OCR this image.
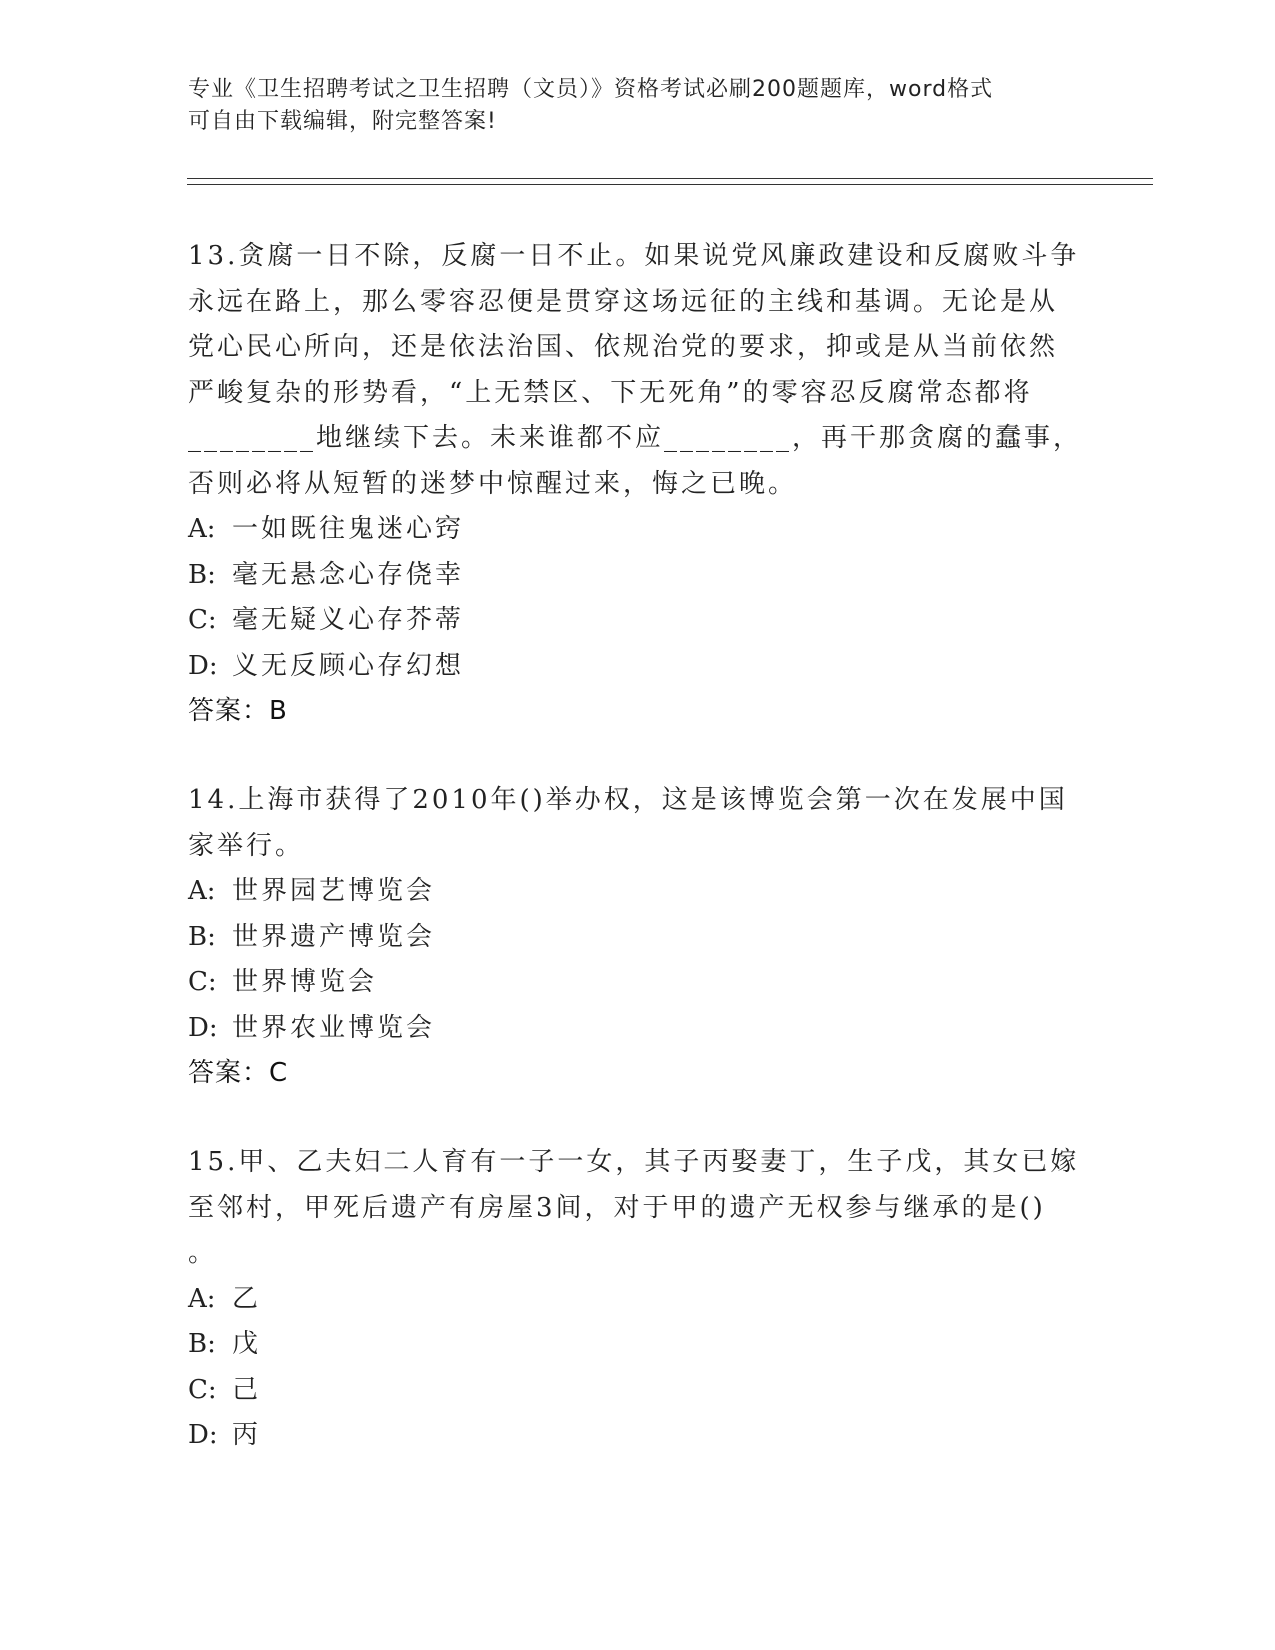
专业《卫生招聘考试之卫生招聘（文员）》资格考试必刷200题题库，word格式

可自由下载编辑，附完整答案!

13.贪腐一日不除，反腐一日不止。如果说党风廉政建设和反腐败斗争
永远在路上，那么零容忍便是贯穿这场远征的主线和基调。无论是从
党心民心所向，还是依法治国、依规治党的要求，抑或是从当前依然
严峻复杂的形势看，“上无禁区、下无死角”的零容忍反腐常态都将
________地继续下去。未来谁都不应________，再干那贪腐的蠢事，
否则必将从短暂的迷梦中惊醒过来，悔之已晚。

A: 一如既往鬼迷心窍
B: 毫无悬念心存侥幸
C: 毫无疑义心存芥蒂
D: 义无反顾心存幻想
答案：B

14.上海市获得了2010年()举办权，这是该博览会第一次在发展中国
家举行。

A: 世界园艺博览会
B: 世界遗产博览会
C: 世界博览会
D: 世界农业博览会
答案：C

15.甲、乙夫妇二人育有一子一女，其子丙娶妻丁，生子戊，其女已嫁
至邻村，甲死后遗产有房屋3间，对于甲的遗产无权参与继承的是()
。

A: 乙
B: 戊
C: 己
D: 丙
